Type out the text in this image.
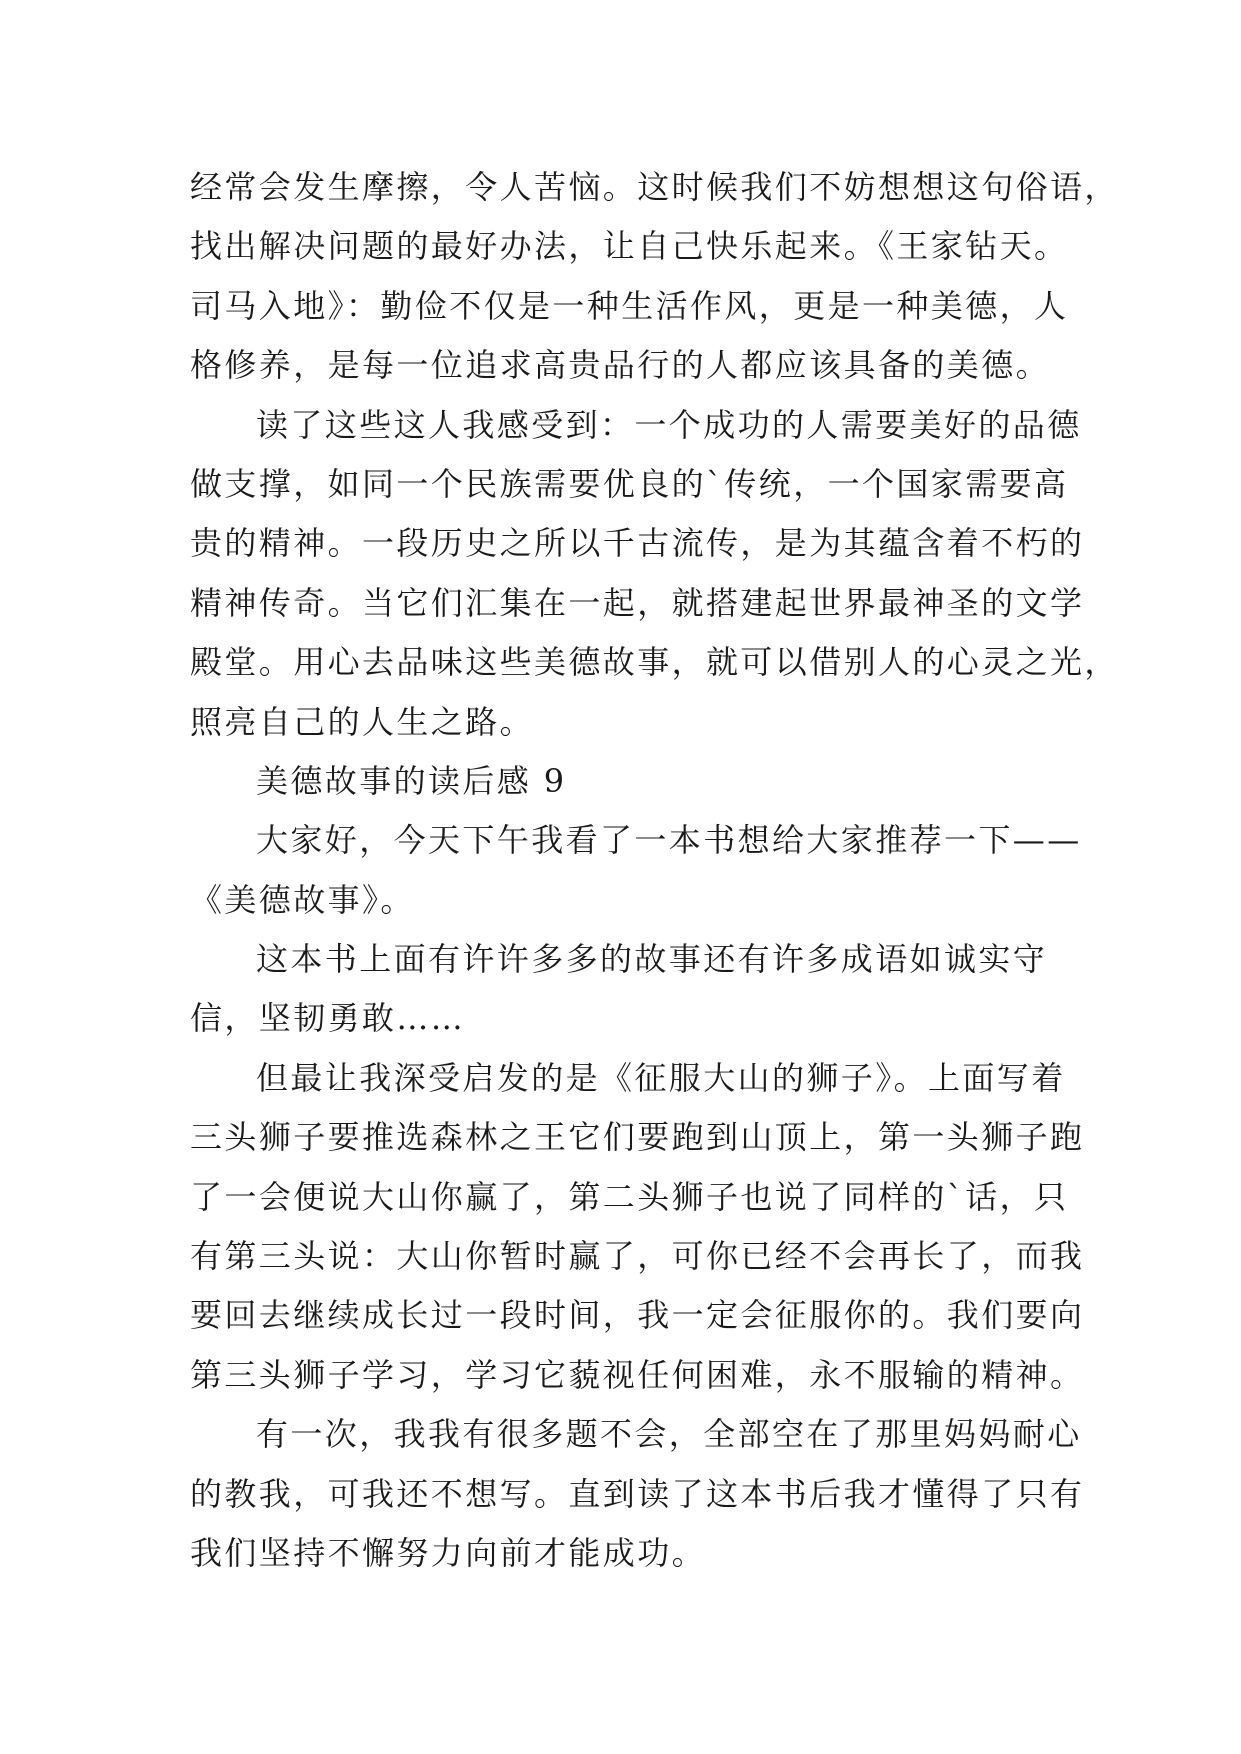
经常会发生摩擦，令人苦恼。这时候我们不妨想想这句俗语，
找出解决问题的最好办法，让自己快乐起来。《王家钻天。
司马入地》：勤俭不仅是一种生活作风，更是一种美德，人
格修养，是每一位追求高贵品行的人都应该具备的美德。
读了这些这人我感受到：一个成功的人需要美好的品德
做支撑，如同一个民族需要优良的`传统，一个国家需要高
贵的精神。一段历史之所以千古流传，是为其蕴含着不朽的
精神传奇。当它们汇集在一起，就搭建起世界最神圣的文学
殿堂。用心去品味这些美德故事，就可以借别人的心灵之光，
照亮自己的人生之路。
美德故事的读后感 9
大家好，今天下午我看了一本书想给大家推荐一下——
《美德故事》。
这本书上面有许许多多的故事还有许多成语如诚实守
信，坚韧勇敢……
但最让我深受启发的是《征服大山的狮子》。上面写着
三头狮子要推选森林之王它们要跑到山顶上，第一头狮子跑
了一会便说大山你赢了，第二头狮子也说了同样的`话，只
有第三头说：大山你暂时赢了，可你已经不会再长了，而我
要回去继续成长过一段时间，我一定会征服你的。我们要向
第三头狮子学习，学习它藐视任何困难，永不服输的精神。
有一次，我我有很多题不会，全部空在了那里妈妈耐心
的教我，可我还不想写。直到读了这本书后我才懂得了只有
我们坚持不懈努力向前才能成功。
